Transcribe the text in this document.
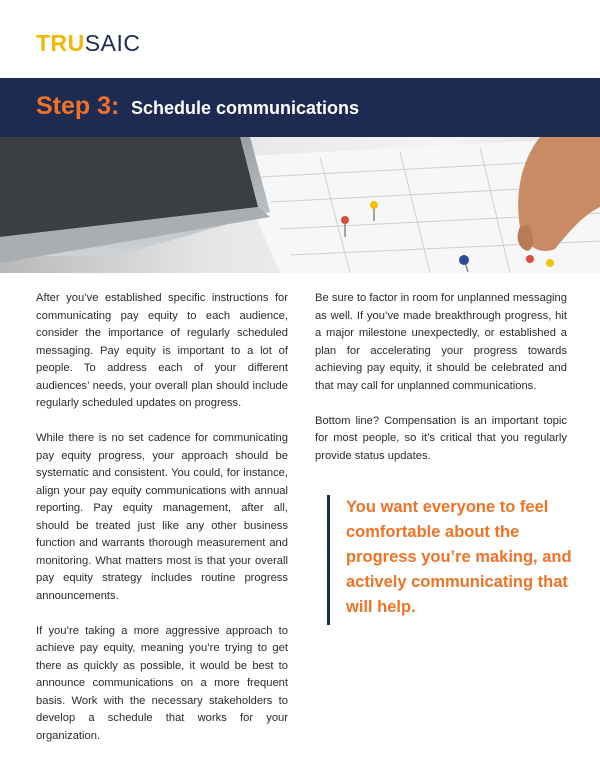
TRUSAIC
Step 3: Schedule communications

After you’ve established specific instructions for communicating pay equity to each audience, consider the importance of regularly scheduled messaging. Pay equity is important to a lot of people. To address each of your different audiences’ needs, your overall plan should include regularly scheduled updates on progress.

While there is no set cadence for communicating pay equity progress, your approach should be systematic and consistent. You could, for instance, align your pay equity communications with annual reporting. Pay equity management, after all, should be treated just like any other business function and warrants thorough measurement and monitoring. What matters most is that your overall pay equity strategy includes routine progress announcements.

If you’re taking a more aggressive approach to achieve pay equity, meaning you’re trying to get there as quickly as possible, it would be best to announce communications on a more frequent basis. Work with the necessary stakeholders to develop a schedule that works for your organization.

Be sure to factor in room for unplanned messaging as well. If you’ve made breakthrough progress, hit a major milestone unexpectedly, or established a plan for accelerating your progress towards achieving pay equity, it should be celebrated and that may call for unplanned communications.

Bottom line? Compensation is an important topic for most people, so it’s critical that you regularly provide status updates.

You want everyone to feel comfortable about the progress you’re making, and actively communicating that will help.
